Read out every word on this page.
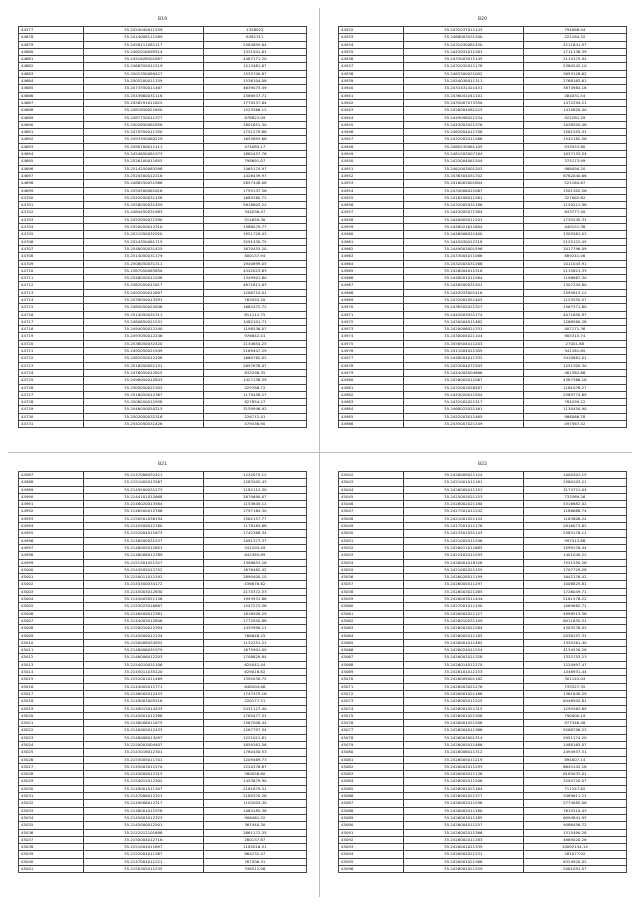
B19
44577	35.2454040911259	1358023
44678	35.2414008111289	8381311
44679	35.2458111081217	2584895.64
44680	35.2462016099514	1331941.81
44681	35.2451628501897	4487171.20
44682	35.2466350011519	1513481.67
44683	35.2502350069427	1535700.67
44684	35.2505200011159	1536104.08
44685	35.2473350011467	4639075.49
44686	35.2543660031116	1586937.71
44687	35.2458291011625	1770537.64
44688	35.2481850021650	1525566.12
44689	35.2487750011377	876823.09
44690	35.2502650061858	1801651.30
44691	35.2479350011350	1751279.66
44692	35.2493350060229	1655693.68
44693	35.2490700011111	474085.17
44694	35.2454650061973	1862457.76
44695	35.2526100011655	798691.07
44696	35.2514250063598	1465174.97
44697	35.2520500012216	1426439.97
44698	35.2486250031986	2657448.08
44699	35.2554500061816	1795137.56
44700	35.2542050031158	1685260.72
44701	35.2558050031459	5616803.22
44702	35.2484450031983	344036.47
44703	35.2453050071590	511659.30
44704	35.2520050012310	1986079.77
44705	35.2521050032920	1951729.02
44706	35.2524350061715	3291430.75
44707	35.2548050031425	1670455.20
44708	35.2514050031179	800137.94
44709	35.2508050031311	1940699.05
44710	35.2587050063850	4342023.63
44711	35.2548050011038	1349901.80
44712	35.2582050011617	4871611.63
44713	35.2492050012697	1288710.01
44714	35.2539050013591	763455.20
44715	35.2485050022846	1682472.72
44716	35.2514050031311	811111.75
44717	35.2480850021531	1482101.71
44718	35.2494050012340	1198536.07
44719	35.2493050012246	976642.41
44720	35.2536050032420	2134654.25
44721	35.2492050021949	2169447.29
44722	35.2482050012108	1660762.02
44723	35.2518050051131	2697678.07
44724	35.2476050012825	833296.35
44725	35.2498050012843	1427158.59
44726	35.2503050021302	429786.72
44727	35.2516050012367	1179456.27
44728	35.2508050012958	827854.27
44729	35.2546050050215	3159946.92
44730	35.2502050032316	226712.41
44731	35.2542050031426	479436.90
B20
44932	35.2432037011143	794068.04
44933	35.2468003031300	221184.32
44934	35.2431030081430	4211641.97
44935	35.2443031011261	1711136.39
44936	35.2433003071145	2115375.94
44937	35.2432032011178	2360542.10
44938	35.2463300031002	2693128.62
44939	35.2454038011311	2768163.61
44940	35.2431431421451	3874984.16
44941	35.2436041041101	484031.54
44942	35.2435007073350	1472294.21
44943	35.2428004081225	1415620.40
44944	35.2449098021234	922281.29
44945	35.2443003021376	1038505.46
44946	35.2463004011708	1561555.41
44947	35.2432002011266	1542182.56
44948	35.2460230061105	533553.80
44949	35.2481503007184	1037133.54
44950	35.2425004061504	375173.99
44951	35.2461003001203	988090.20
44952	35.2436304051702	6762040.66
44953	35.2416003001804	521164.67
44954	35.2434006021067	1501302.56
44955	35.2418208011261	327062.62
44956	35.2432005031186	1150221.96
44957	35.2443005071364	643777.40
44958	35.2440003011201	1735245.31
44959	35.2448021611604	440151.38
44960	35.2446006021400	1305561.02
44961	35.2445030012318	2125122.45
44962	35.2449003001596	3417796.09
44963	35.2433004011066	889241.06
44964	35.2432003031268	1011043.91
44965	35.2426004011318	2115821.33
44966	35.2448001011564	1196667.30
44967	35.2448500031501	1307245.60
44968	35.2445033001416	1595615.12
44969	35.2432002051405	1123555.57
44970	35.2438505021327	1567371.80
44971	35.2445003031174	4071650.97
44972	35.2430004011462	1268560.28
44973	35.2420006021331	407171.36
44974	35.2430004021104	905315.74
44975	35.2458504011203	27001.68
44976	35.2411004021305	341161.85
44977	35.2448004011332	3410861.01
44978	35.2453004071503	1251305.30
44979	35.2444005004666	461362.66
44980	35.2428003011067	4387366.16
44981	35.2432003028287	1161076.27
44982	35.2443020011504	2589774.89
44983	35.2432002021317	784299.22
44984	35.2468022031161	1130450.90
44985	35.2452003011465	986066.78
44986	35.2435007021349	497567.42
B21
44987	35.2147006032421	1232075.12
44988	35.2151005013267	1283202.43
44989	35.2149500031273	1182112.30
44990	35.2144101012668	2670690.07
44991	35.2148020013564	1153645.12
44992	35.2148500012786	1797164.30
44993	35.2150501036194	1562157.77
44994	35.2145500012760	1178163.68
44995	35.2152004011673	1742368.34
44996	35.2146500031537	1091377.37
44997	35.2148005012651	241203.49
44998	35.2148008012789	642365.89
44999	35.2151501021327	1396653.26
45000	35.2143505012752	1876482.42
45001	35.2150011012192	2890400.10
45002	35.2145500034172	436676.62
45003	35.2145003012630	2175372.33
45004	35.2145003051156	1993931.68
45005	35.2153023016887	1547273.56
45006	35.2148500012381	1816509.29
45007	35.2144003012846	1772950.88
45008	35.2150010012394	1435990.11
45009	35.2145000012134	766648.25
45010	35.2150008034952	1132251.21
45011	35.2148006031979	1675901.00
45012	35.2146006012203	1708829.84
45013	35.2154010031106	624041.44
45014	35.2145011035220	629018.62
45015	35.2152001011469	1392030.72
45016	35.2144005011771	648504.66
45017	35.2146002012433	1747475.16
45018	35.2149003005516	220177.51
45019	35.2149013014433	2431127.40
45020	35.2145001012366	1785477.51
45021	35.2146006011675	1567008.44
45022	35.2140003012433	1267797.34
45023	35.2148008013097	1221021.81
45024	35.2150003004407	1859381.56
45025	35.2143016012301	1760450.53
45026	35.2153005011701	1209469.73
45027	35.2145003011570	1220376.67
45028	35.2145000012315	580056.60
45029	35.2154012012302	1453679.90
45030	35.2149001011307	2181679.51
45031	35.2147006012321	2185370.28
45032	35.2149006012317	1102003.30
45033	35.2148001011978	1064185.36
45034	35.2145003012323	906461.52
45035	35.2145000012501	367440.30
45036	35.2152012101698	2661172.35
45037	35.2150004012716	280137.87
45038	35.2151004011697	1182016.51
45039	35.2152004011367	864232.47
45040	35.2147004011221	767306.31
45041	35.2150305011235	336512.96
B22
45042	35.2426009021124	1000301.15
45043	35.2421001011161	2560103.21
45044	35.2426005011151	3174721.04
45045	35.2425003021153	733369.26
45046	35.2426002021180	5316682.02
45047	35.2427501011242	1186688.74
45048	35.2421001021152	1163806.24
45049	35.2417001011176	2816073.62
45050	35.2423501031143	2583176.11
45051	35.2421002011296	997513.68
45052	35.2426011011685	1599176.44
45053	35.2422402011293	1401040.22
45054	35.2426001018126	7521550.28
45055	35.2421002021155	1707729.28
45056	35.2426028011199	1642176.42
45057	35.2426005011297	1006825.81
45058	35.2426003021265	1726049.71
45059	35.2426003011444	2181576.22
45060	35.2427001011190	1069882.71
45061	35.2426002021127	4998513.36
45062	35.2426010031199	8011635.31
45063	35.2426003021264	4303576.02
45064	35.2428002011185	2038157.31
45065	35.2426001011462	1335261.40
45066	35.2426024011254	4134530.26
45067	35.2426002021328	1332753.23
45068	35.2426014011270	1224997.47
45069	35.2426101012153	1448931.44
45070	35.2426009001182	301145.04
45071	35.2426003021276	733327.35
45072	35.2426001021166	1361840.29
45073	35.2426005011225	6446502.81
45074	35.2426001021315	1295563.69
45075	35.2426001021306	790000.19
45076	35.2426001021206	977346.46
45077	35.2426004011366	9288796.22
45078	35.2426003001314	2951174.20
45079	35.2426005011466	1488165.07
45080	35.2426006011312	2494937.51
45081	35.2426005011219	894007.14
45082	35.2426002011293	6645142.18
45083	35.2426003011136	6185033.01
45084	35.2426002011206	3294720.07
45085	35.2426002021164	711247.62
45086	35.2426002021377	3489611.21
45087	35.2426002011296	2774085.06
45088	35.2426002011180	7615210.43
45089	35.2426003011185	6094841.95
45090	35.2426004011257	9086456.72
45091	35.2426002011366	1315490.28
45092	35.2426002011283	4689020.26
45093	35.2426001021339	10092134.14
45094	35.2426002021231	281077.02
45095	35.2426001021366	6324920.02
45096	35.2426002021259	2081091.07
